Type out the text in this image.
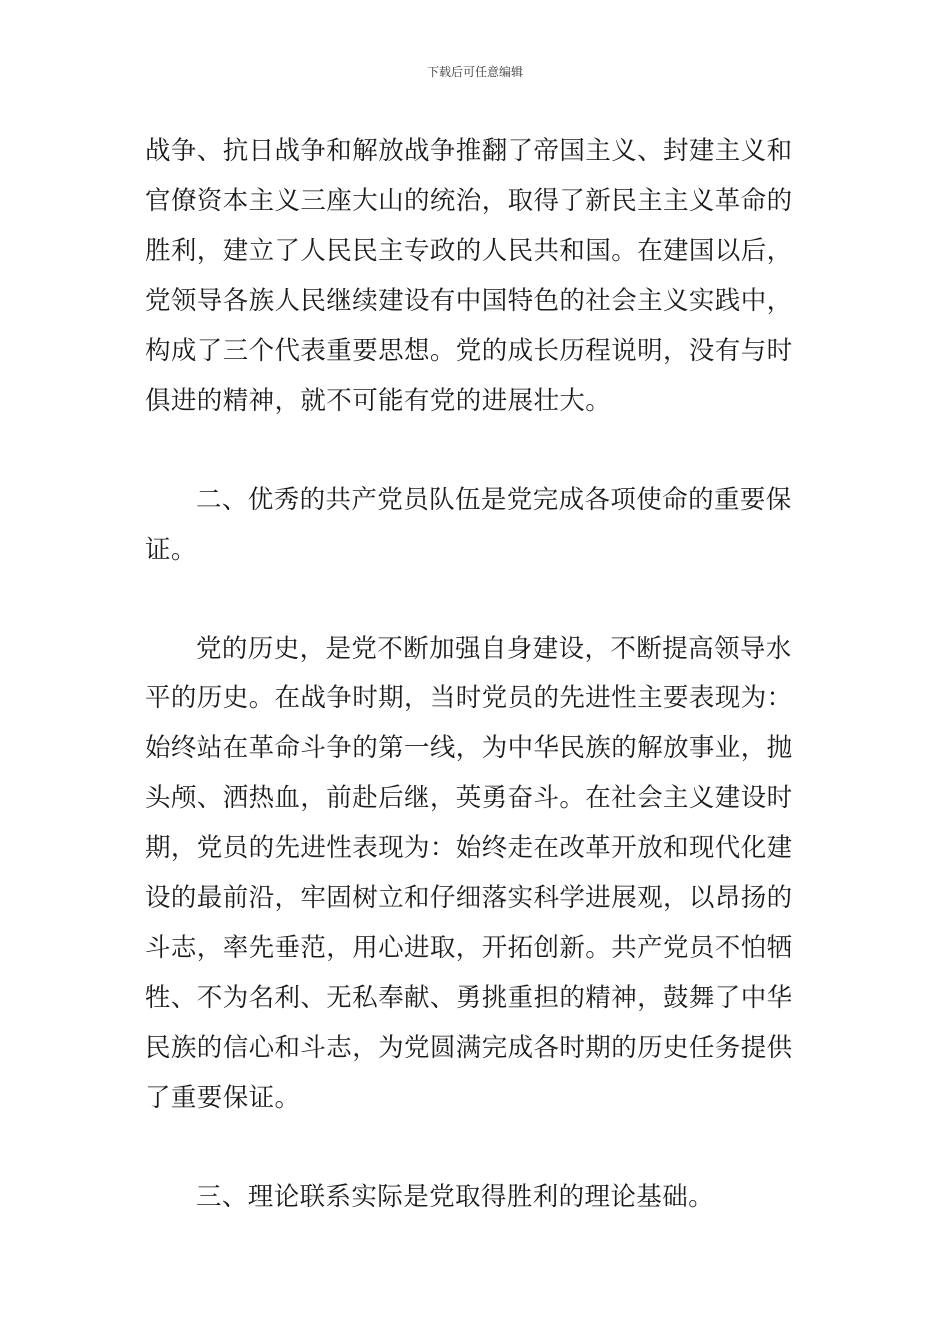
下载后可任意编辑
战争、抗日战争和解放战争推翻了帝国主义、封建主义和
官僚资本主义三座大山的统治，取得了新民主主义革命的
胜利，建立了人民民主专政的人民共和国。在建国以后，
党领导各族人民继续建设有中国特色的社会主义实践中，
构成了三个代表重要思想。党的成长历程说明，没有与时
俱进的精神，就不可能有党的进展壮大。
二、优秀的共产党员队伍是党完成各项使命的重要保
证。
党的历史，是党不断加强自身建设，不断提高领导水
平的历史。在战争时期，当时党员的先进性主要表现为：
始终站在革命斗争的第一线，为中华民族的解放事业，抛
头颅、洒热血，前赴后继，英勇奋斗。在社会主义建设时
期，党员的先进性表现为：始终走在改革开放和现代化建
设的最前沿，牢固树立和仔细落实科学进展观，以昂扬的
斗志，率先垂范，用心进取，开拓创新。共产党员不怕牺
牲、不为名利、无私奉献、勇挑重担的精神，鼓舞了中华
民族的信心和斗志，为党圆满完成各时期的历史任务提供
了重要保证。
三、理论联系实际是党取得胜利的理论基础。
